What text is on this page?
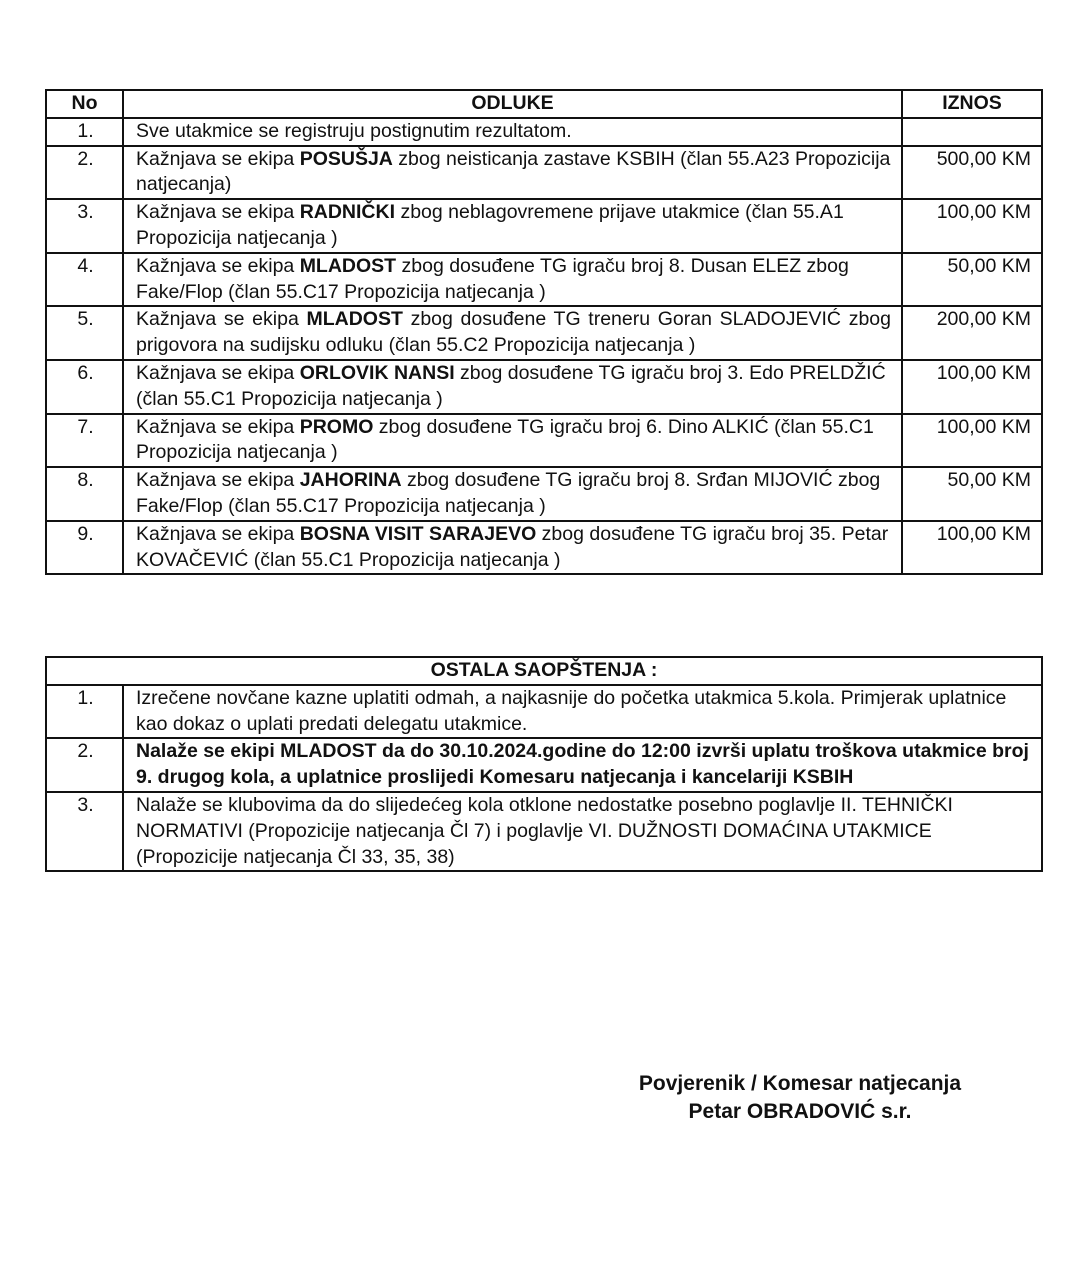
No	ODLUKE	IZNOS
1.	Sve utakmice se registruju postignutim rezultatom.	
2.	Kažnjava se ekipa POSUŠJA zbog neisticanja zastave KSBIH (član 55.A23 Propozicija natjecanja)	500,00 KM
3.	Kažnjava se ekipa RADNIČKI zbog neblagovremene prijave utakmice (član 55.A1 Propozicija natjecanja )	100,00 KM
4.	Kažnjava se ekipa MLADOST zbog dosuđene TG igraču broj 8. Dusan ELEZ zbog Fake/Flop (član 55.C17 Propozicija natjecanja )	50,00 KM
5.	Kažnjava se ekipa MLADOST zbog dosuđene TG treneru Goran SLADOJEVIĆ zbog prigovora na sudijsku odluku (član 55.C2 Propozicija natjecanja )	200,00 KM
6.	Kažnjava se ekipa ORLOVIK NANSI zbog dosuđene TG igraču broj 3. Edo PRELDŽIĆ (član 55.C1 Propozicija natjecanja )	100,00 KM
7.	Kažnjava se ekipa PROMO zbog dosuđene TG igraču broj 6. Dino ALKIĆ (član 55.C1 Propozicija natjecanja )	100,00 KM
8.	Kažnjava se ekipa JAHORINA zbog dosuđene TG igraču broj 8. Srđan MIJOVIĆ zbog Fake/Flop (član 55.C17 Propozicija natjecanja )	50,00 KM
9.	Kažnjava se ekipa BOSNA VISIT SARAJEVO zbog dosuđene TG igraču broj 35. Petar KOVAČEVIĆ (član 55.C1 Propozicija natjecanja )	100,00 KM
OSTALA SAOPŠTENJA :	
1.	Izrečene novčane kazne uplatiti odmah, a najkasnije do početka utakmica 5.kola. Primjerak uplatnice kao dokaz o uplati predati delegatu utakmice.
2.	Nalaže se ekipi MLADOST da do 30.10.2024.godine do 12:00 izvrši uplatu troškova utakmice broj 9. drugog kola, a uplatnice proslijedi Komesaru natjecanja i kancelariji KSBIH
3.	Nalaže se klubovima da do slijedećeg kola otklone nedostatke posebno poglavlje II. TEHNIČKI NORMATIVI (Propozicije natjecanja Čl 7) i poglavlje VI. DUŽNOSTI DOMAĆINA UTAKMICE (Propozicije natjecanja Čl 33, 35, 38)
Povjerenik / Komesar natjecanja
Petar OBRADOVIĆ s.r.
